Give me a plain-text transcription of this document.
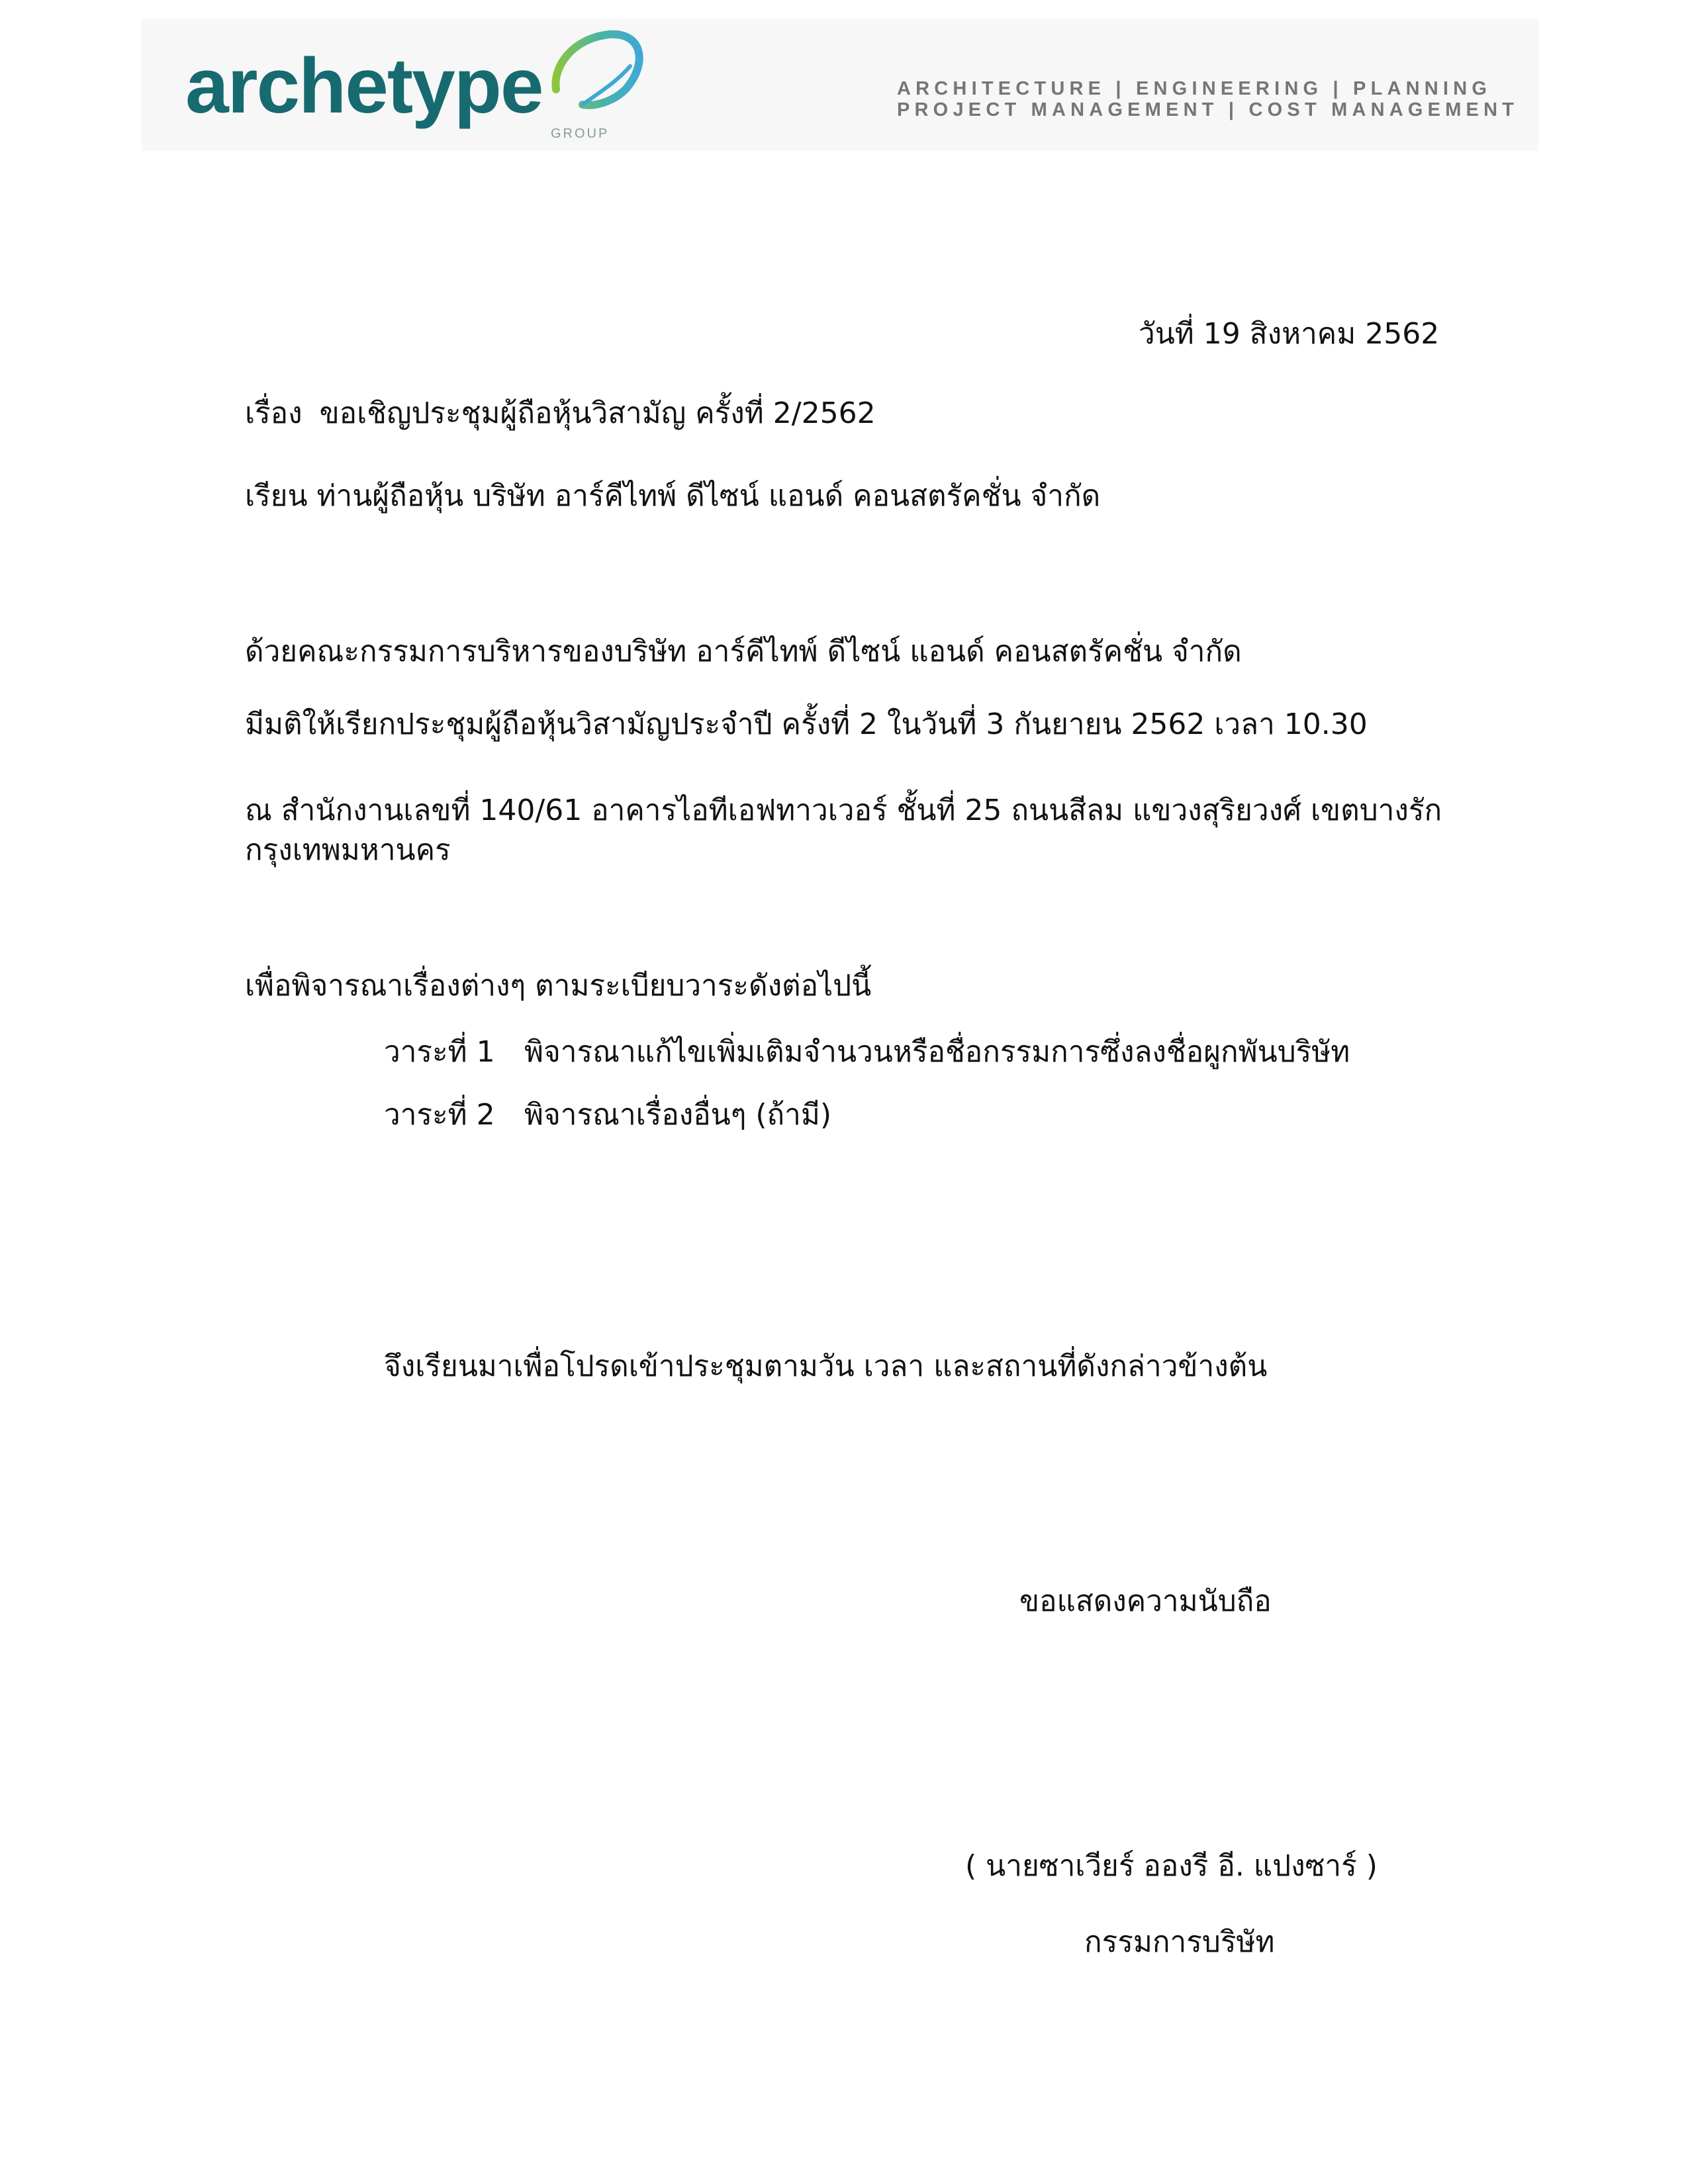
archetype
GROUP
ARCHITECTURE | ENGINEERING | PLANNING
PROJECT MANAGEMENT | COST MANAGEMENT
วันที่ 19 สิงหาคม 2562
เรื่อง ขอเชิญประชุมผู้ถือหุ้นวิสามัญ ครั้งที่ 2/2562
เรียน ท่านผู้ถือหุ้น บริษัท อาร์คีไทพ์ ดีไซน์ แอนด์ คอนสตรัคชั่น จำกัด
ด้วยคณะกรรมการบริหารของบริษัท อาร์คีไทพ์ ดีไซน์ แอนด์ คอนสตรัคชั่น จำกัด
มีมติให้เรียกประชุมผู้ถือหุ้นวิสามัญประจำปี ครั้งที่ 2 ในวันที่ 3 กันยายน 2562 เวลา 10.30
ณ สำนักงานเลขที่ 140/61 อาคารไอทีเอฟทาวเวอร์ ชั้นที่ 25 ถนนสีลม แขวงสุริยวงศ์ เขตบางรัก
กรุงเทพมหานคร
เพื่อพิจารณาเรื่องต่างๆ ตามระเบียบวาระดังต่อไปนี้
วาระที่ 1 พิจารณาแก้ไขเพิ่มเติมจำนวนหรือชื่อกรรมการซึ่งลงชื่อผูกพันบริษัท
วาระที่ 2 พิจารณาเรื่องอื่นๆ (ถ้ามี)
จึงเรียนมาเพื่อโปรดเข้าประชุมตามวัน เวลา และสถานที่ดังกล่าวข้างต้น
ขอแสดงความนับถือ
( นายซาเวียร์ อองรี อี. แปงซาร์ )
กรรมการบริษัท
